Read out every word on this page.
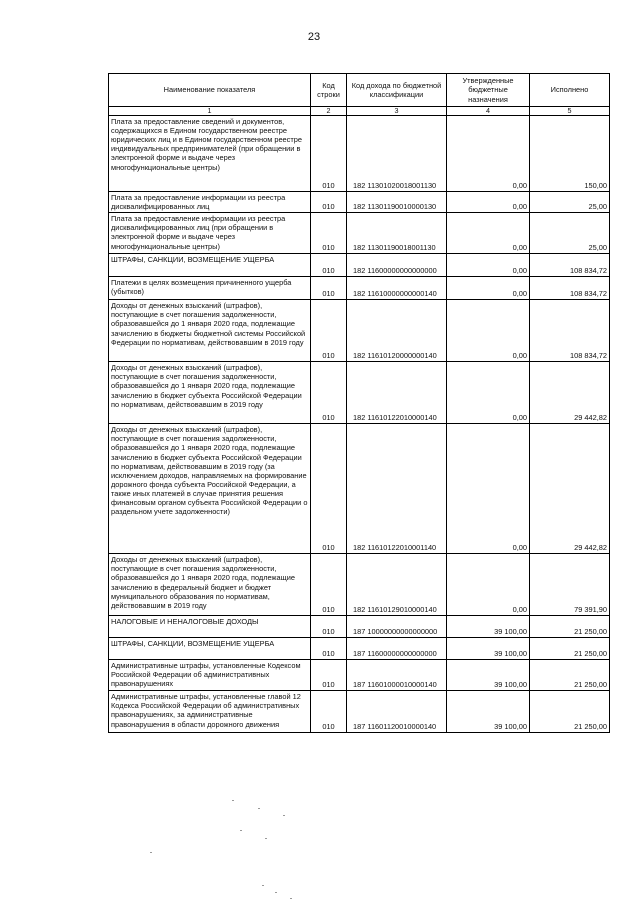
23
Наименование показателя	Код строки	Код дохода по бюджетной классификации	Утвержденные бюджетные назначения	Исполнено
1	2	3	4	5
Плата за предоставление сведений и документов, содержащихся в Едином государственном реестре юридических лиц и в Едином государственном реестре индивидуальных предпринимателей (при обращении в электронной форме и выдаче через многофункциональные центры)	010	182 11301020018001130	0,00	150,00
Плата за предоставление информации из реестра дисквалифицированных лиц	010	182 11301190010000130	0,00	25,00
Плата за предоставление информации из реестра дисквалифицированных лиц (при обращении в электронной форме и выдаче через многофункциональные центры)	010	182 11301190018001130	0,00	25,00
ШТРАФЫ, САНКЦИИ, ВОЗМЕЩЕНИЕ УЩЕРБА	010	182 11600000000000000	0,00	108 834,72
Платежи в целях возмещения причиненного ущерба (убытков)	010	182 11610000000000140	0,00	108 834,72
Доходы от денежных взысканий (штрафов), поступающие в счет погашения задолженности, образовавшейся до 1 января 2020 года, подлежащие зачислению в бюджеты бюджетной системы Российской Федерации по нормативам, действовавшим в 2019 году	010	182 11610120000000140	0,00	108 834,72
Доходы от денежных взысканий (штрафов), поступающие в счет погашения задолженности, образовавшейся до 1 января 2020 года, подлежащие зачислению в бюджет субъекта Российской Федерации по нормативам, действовавшим в 2019 году	010	182 11610122010000140	0,00	29 442,82
Доходы от денежных взысканий (штрафов), поступающие в счет погашения задолженности, образовавшейся до 1 января 2020 года, подлежащие зачислению в бюджет субъекта Российской Федерации по нормативам, действовавшим в 2019 году (за исключением доходов, направляемых на формирование дорожного фонда субъекта Российской Федерации, а также иных платежей в случае принятия решения финансовым органом субъекта Российской Федерации о раздельном учете задолженности)	010	182 11610122010001140	0,00	29 442,82
Доходы от денежных взысканий (штрафов), поступающие в счет погашения задолженности, образовавшейся до 1 января 2020 года, подлежащие зачислению в федеральный бюджет и бюджет муниципального образования по нормативам, действовавшим в 2019 году	010	182 11610129010000140	0,00	79 391,90
НАЛОГОВЫЕ И НЕНАЛОГОВЫЕ ДОХОДЫ	010	187 10000000000000000	39 100,00	21 250,00
ШТРАФЫ, САНКЦИИ, ВОЗМЕЩЕНИЕ УЩЕРБА	010	187 11600000000000000	39 100,00	21 250,00
Административные штрафы, установленные Кодексом Российской Федерации об административных правонарушениях	010	187 11601000010000140	39 100,00	21 250,00
Административные штрафы, установленные главой 12 Кодекса Российской Федерации об административных правонарушениях, за административные правонарушения в области дорожного движения	010	187 11601120010000140	39 100,00	21 250,00
